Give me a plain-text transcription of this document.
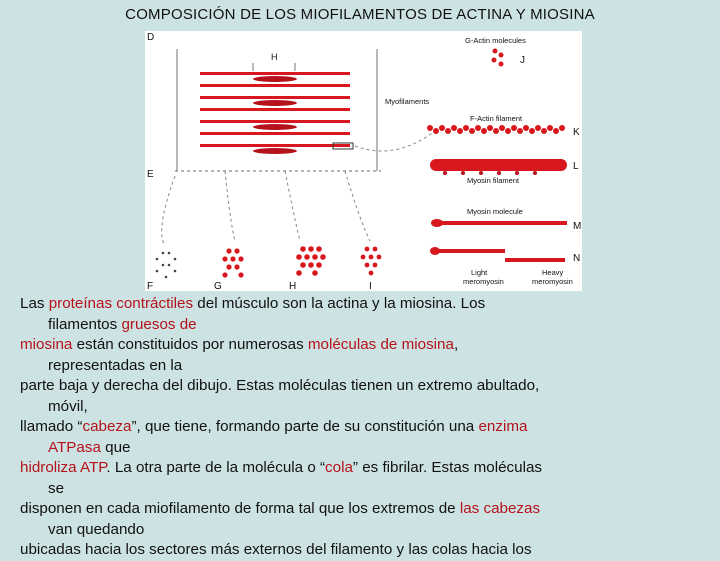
COMPOSICIÓN DE LOS MIOFILAMENTOS DE ACTINA Y MIOSINA
D
E
H
F	G	H	I
J
K
L
M
N
G-Actin molecules
Myofilaments
F-Actin filament
Myosin filament
Myosin molecule
Light
meromyosin
Heavy
meromyosin
Las proteínas contráctiles del músculo son la actina y la miosina. Los
filamentos gruesos de
miosina están constituidos por numerosas moléculas de miosina,
representadas en la
parte baja y derecha del dibujo. Estas moléculas tienen un extremo abultado,
móvil,
llamado “cabeza”, que tiene, formando parte de su constitución una enzima
ATPasa que
hidroliza ATP. La otra parte de la molécula o “cola” es fibrilar. Estas moléculas
se
disponen en cada miofilamento de forma tal que los extremos de las cabezas
van quedando
ubicadas hacia los sectores más externos del filamento y las colas hacia los
